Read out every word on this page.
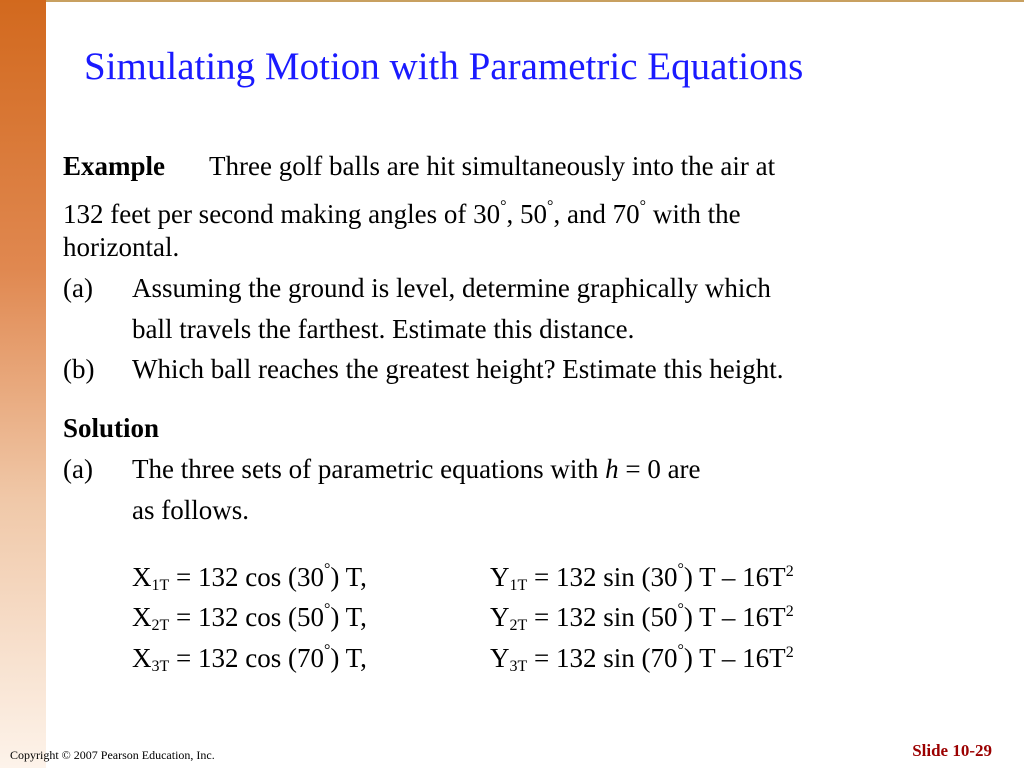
Simulating Motion with Parametric Equations
Example Three golf balls are hit simultaneously into the air at
132 feet per second making angles of 30°, 50°, and 70° with the
horizontal.
(a) Assuming the ground is level, determine graphically which
ball travels the farthest. Estimate this distance.
(b) Which ball reaches the greatest height? Estimate this height.
Solution
(a) The three sets of parametric equations with h = 0 are
as follows.
$X_{1T} = 132$ cos (30°) T,	$Y_{1T} = 132$ sin (30°) T – $16T^2$
$X_{2T} = 132$ cos (50°) T,	$Y_{2T} = 132$ sin (50°) T – $16T^2$
$X_{3T} = 132$ cos (70°) T,	$Y_{3T} = 132$ sin (70°) T – $16T^2$
Copyright © 2007 Pearson Education, Inc.	Slide 10-29
